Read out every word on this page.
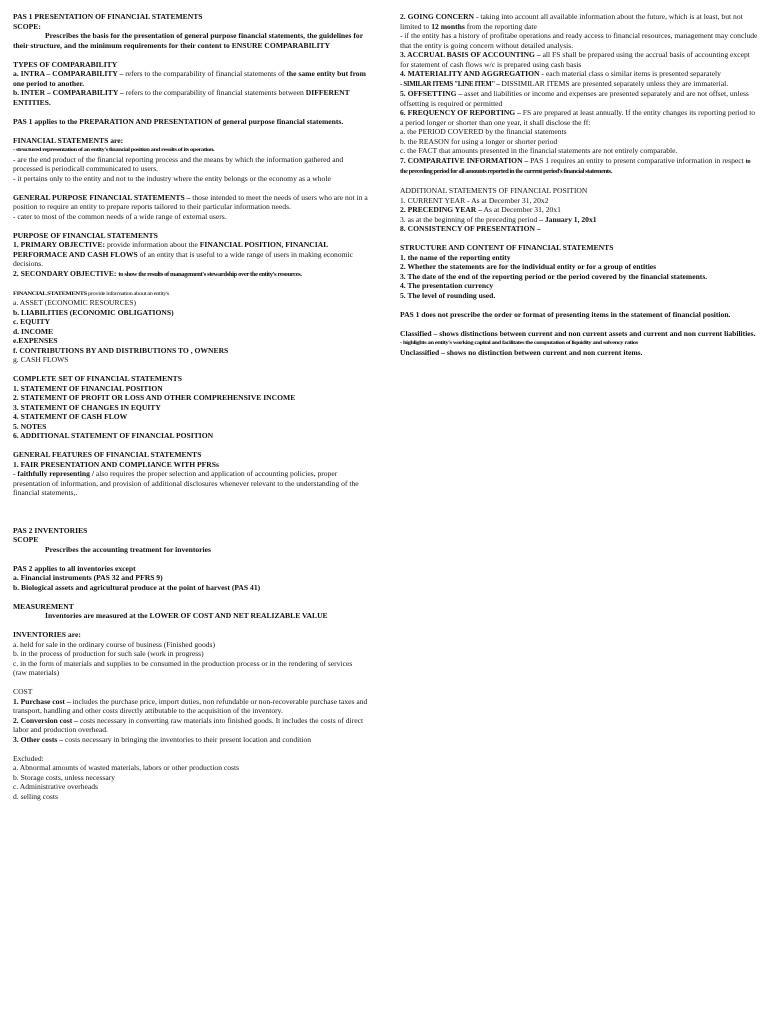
PAS 1 PRESENTATION OF FINANCIAL STATEMENTS
SCOPE:
Prescribes the basis for the presentation of general purpose financial statements, the guidelines for their structure, and the minimum requirements for their content to ENSURE COMPARABILITY
TYPES OF COMPARABILITY
a. INTRA – COMPARABILITY – refers to the comparability of financial statements of the same entity but from one period to another.
b. INTER – COMPARABILITY – refers to the comparability of financial statements between DIFFERENT ENTITIES.
PAS 1 applies to the PREPARATION AND PRESENTATION of general purpose financial statements.
FINANCIAL STATEMENTS are:
- structured representation of an entity's financial position and results of its operation.
- are the end product of the financial reporting process and the means by which the information gathered and processed is periodicall communicated to users.
- it pertains only to the entity and not to the industry where the entity belongs or the economy as a whole
GENERAL PURPOSE FINANCIAL STATEMENTS – those intended to meet the needs of users who are not in a position to require an entity to prepare reports tailored to their particular information needs.
- cater to most of the common needs of a wide range of external users.
PURPOSE OF FINANCIAL STATEMENTS
1. PRIMARY OBJECTIVE: provide information about the FINANCIAL POSITION, FINANCIAL PERFORMACE AND CASH FLOWS of an entity that is useful to a wide range of users in making economic decisions.
2. SECONDARY OBJECTIVE: to show the results of management's stewardship over the entity's resources.
FINANCIAL STATEMENTS provide information about an entity's
a. ASSET (ECONOMIC RESOURCES)
b. LIABILITIES (ECONOMIC OBLIGATIONS)
c. EQUITY
d. INCOME
e.EXPENSES
f. CONTRIBUTIONS BY AND DISTRIBUTIONS TO , OWNERS
g. CASH FLOWS
COMPLETE SET OF FINANCIAL STATEMENTS
1. STATEMENT OF FINANCIAL POSITION
2. STATEMENT OF PROFIT OR LOSS AND OTHER COMPREHENSIVE INCOME
3. STATEMENT OF CHANGES IN EQUITY
4. STATEMENT OF CASH FLOW
5. NOTES
6. ADDITIONAL STATEMENT OF FINANCIAL POSITION
GENERAL FEATURES OF FINANCIAL STATEMENTS
1. FAIR PRESENTATION AND COMPLIANCE WITH PFRSs
- faithfully representing / also requires the proper selection and application of accounting policies, proper presentation of information, and provision of additional disclosures whenever relevant to the understanding of the financial statements,.
PAS 2 INVENTORIES
SCOPE
Prescribes the accounting treatment for inventories
PAS 2 applies to all inventories except
a. Financial instruments (PAS 32 and PFRS 9)
b. Biological assets and agricultural produce at the point of harvest (PAS 41)
MEASUREMENT
Inventories are measured at the LOWER OF COST AND NET REALIZABLE VALUE
INVENTORIES are:
a. held for sale in the ordinary course of business (Finished goods)
b. in the process of production for such sale (work in progress)
c. in the form of materials and supplies to be consumed in the production process or in the rendering of services (raw materials)
COST
1. Purchase cost – includes the purchase price, import duties, non refundable or non-recoverable purchase taxes and transport, handling and other costs directly attibutable to the acquisition of the inventory.
2. Conversion cost – costs necessary in converting raw materials into finished goods. It includes the costs of direct labor and production overhead.
3. Other costs – costs necessary in bringing the inventories to their present location and condition
Excluded:
a. Abnormal amounts of wasted materials, labors or other production costs
b. Storage costs, unless necessary
c. Administrative overheads
d. selling costs
2. GOING CONCERN - taking into account all available information about the future, which is at least, but not limited to 12 months from the reporting date
- if the entity has a history of profitabe operations and ready access to financial resources, management may conclude that the entity is going concern without detailed analysis.
3. ACCRUAL BASIS OF ACCOUNTING – all FS shall be prepared using the accrual basis of accounting except for statement of cash flows w/c is prepared using cash basis
4. MATERIALITY AND AGGREGATION - each material class o similar items is presented separately
- SIMILAR ITEMS "LINE ITEM" – DISSIMILAR ITEMS are presented separately unless they are immaterial.
5. OFFSETTING – asset and liabilities or income and expenses are presented separately and are not offset, unless offsetting is required or permitted
6. FREQUENCY OF REPORTING – FS are prepared at least annually. If the entity changes its reporting period to a period longer or shorter than one year, it shall disclose the ff:
a. the PERIOD COVERED by the financial statements
b. the REASON for using a longer or shorter period
c. the FACT that amounts presented in the financial statements are not entirely comparable.
7. COMPARATIVE INFORMATION – PAS 1 requires an entity to present comparative information in respect to the preceding period for all amounts reported in the current period's financial statements.
ADDITIONAL STATEMENTS OF FINANCIAL POSITION
1. CURRENT YEAR - As at December 31, 20x2
2. PRECEDING YEAR – As at December 31, 20x1
3. as at the beginning of the preceding period – January 1, 20x1
8. CONSISTENCY OF PRESENTATION –
STRUCTURE AND CONTENT OF FINANCIAL STATEMENTS
1. the name of the reporting entity
2. Whether the statements are for the individual entity or for a group of entities
3. The date of the end of the reporting period or the period covered by the financial statements.
4. The presentation currency
5. The level of rounding used.
PAS 1 does not prescribe the order or format of presenting items in the statement of financial position.
Classified – shows distinctions between current and non current assets and current and non current liabilities.
- highlights an entity's working capital and facilitates the computation of liquidity and solvency ratios
Unclassified – shows no distinction between current and non current items.
